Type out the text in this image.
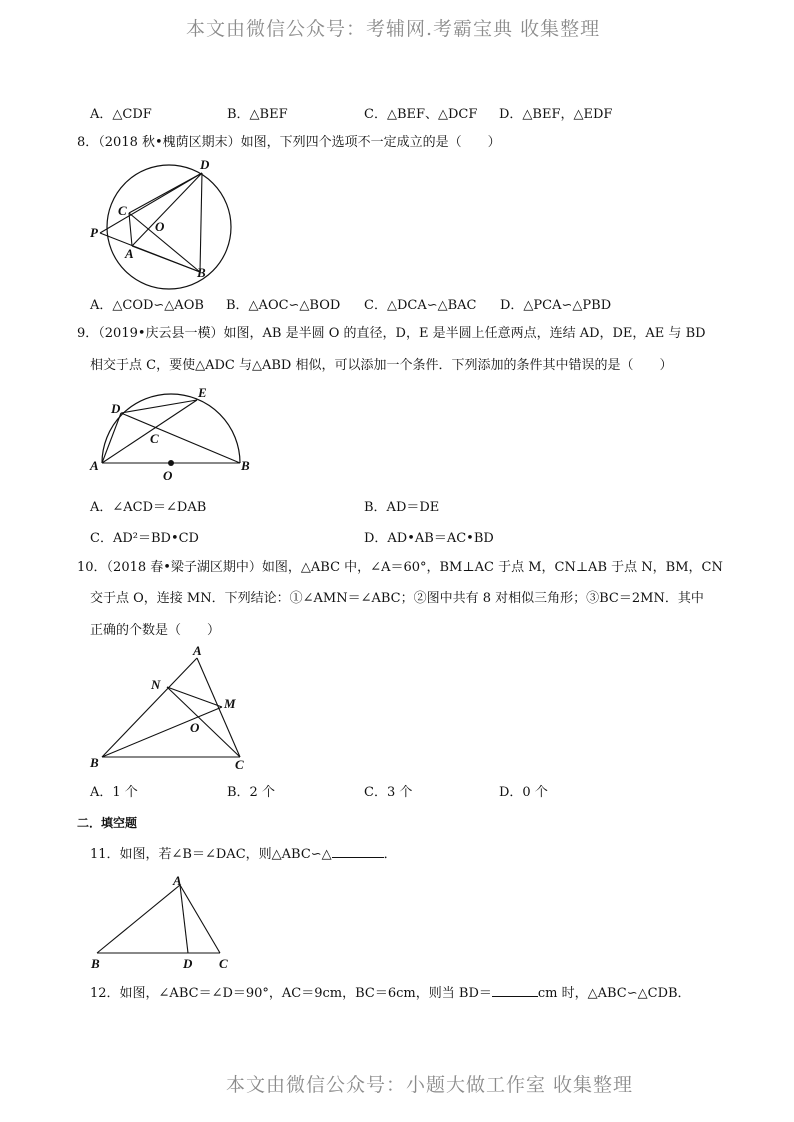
本文由微信公众号：考辅网.考霸宝典 收集整理
A．△CDF	B．△BEF	C．△BEF、△DCF D．△BEF，△EDF
8．（2018 秋•槐荫区期末）如图，下列四个选项不一定成立的是（　　）
D
C
O
P
A
B
A．△COD∽△AOB B．△AOC∽△BOD C．△DCA∽△BAC D．△PCA∽△PBD
9．（2019•庆云县一模）如图，AB 是半圆 O 的直径，D，E 是半圆上任意两点，连结 AD，DE，AE 与 BD
相交于点 C，要使△ADC 与△ABD 相似，可以添加一个条件．下列添加的条件其中错误的是（　　）
D
E
C
A
O
B
A．∠ACD＝∠DAB	B．AD＝DE
C．AD²＝BD•CD	D．AD•AB＝AC•BD
10．（2018 春•梁子湖区期中）如图，△ABC 中，∠A＝60°，BM⊥AC 于点 M，CN⊥AB 于点 N，BM，CN
交于点 O，连接 MN．下列结论：①∠AMN＝∠ABC；②图中共有 8 对相似三角形；③BC＝2MN．其中
正确的个数是（　　）
A
N
M
O
B	C
A．1 个	B．2 个	C．3 个	D．0 个
二．填空题
11．如图，若∠B＝∠DAC，则△ABC∽△	．
A
B	D C
12．如图，∠ABC＝∠D＝90°，AC＝9cm，BC＝6cm，则当 BD＝	cm 时，△ABC∽△CDB．
本文由微信公众号：小题大做工作室 收集整理
